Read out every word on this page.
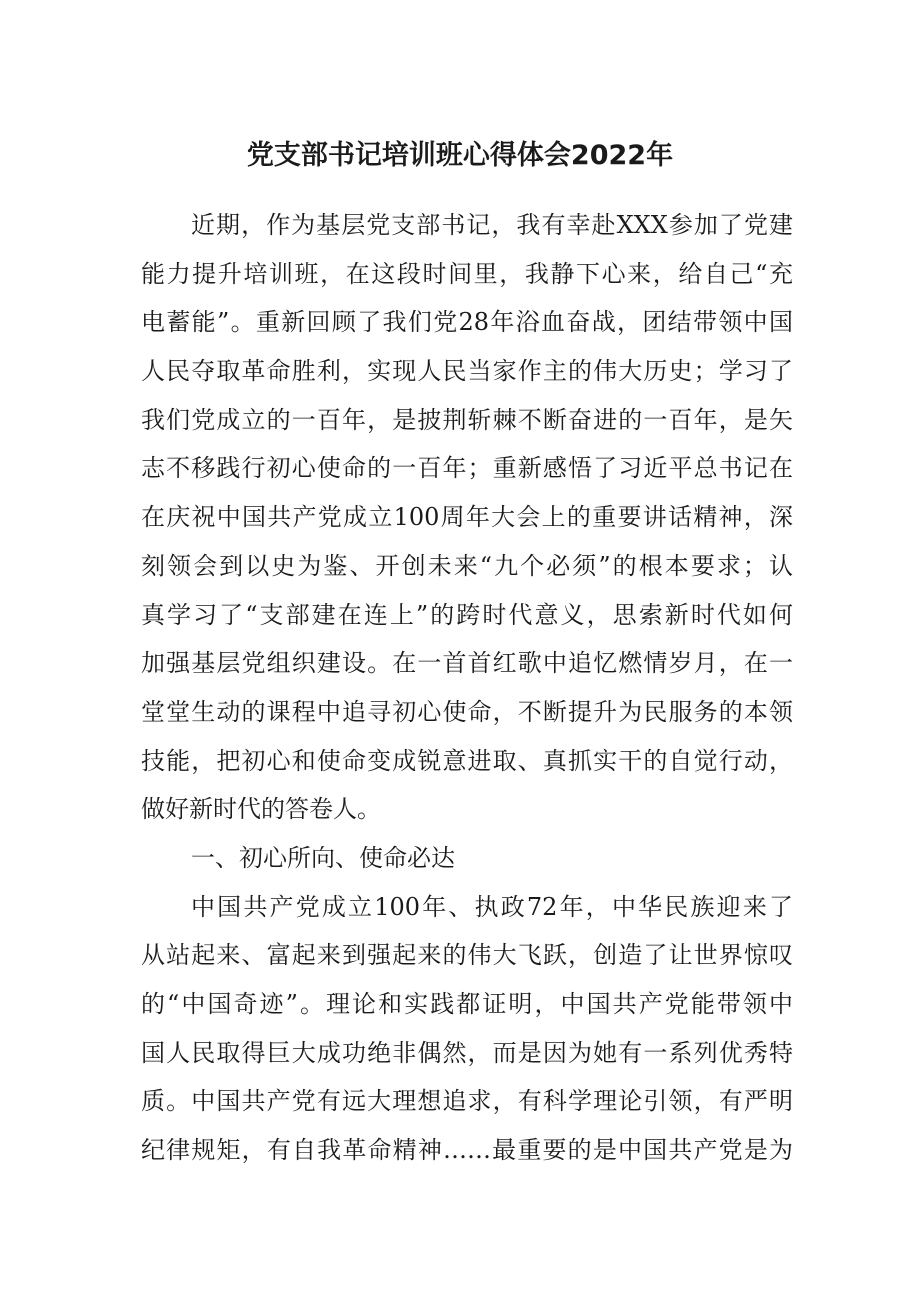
党支部书记培训班心得体会2022年
近期，作为基层党支部书记，我有幸赴XXX参加了党建
能力提升培训班，在这段时间里，我静下心来，给自己“充
电蓄能”。重新回顾了我们党28年浴血奋战，团结带领中国
人民夺取革命胜利，实现人民当家作主的伟大历史；学习了
我们党成立的一百年，是披荆斩棘不断奋进的一百年，是矢
志不移践行初心使命的一百年；重新感悟了习近平总书记在
在庆祝中国共产党成立100周年大会上的重要讲话精神，深
刻领会到以史为鉴、开创未来“九个必须”的根本要求；认
真学习了“支部建在连上”的跨时代意义，思索新时代如何
加强基层党组织建设。在一首首红歌中追忆燃情岁月，在一
堂堂生动的课程中追寻初心使命，不断提升为民服务的本领
技能，把初心和使命变成锐意进取、真抓实干的自觉行动，
做好新时代的答卷人。
一、初心所向、使命必达
中国共产党成立100年、执政72年，中华民族迎来了
从站起来、富起来到强起来的伟大飞跃，创造了让世界惊叹
的“中国奇迹”。理论和实践都证明，中国共产党能带领中
国人民取得巨大成功绝非偶然，而是因为她有一系列优秀特
质。中国共产党有远大理想追求，有科学理论引领，有严明
纪律规矩，有自我革命精神……最重要的是中国共产党是为
